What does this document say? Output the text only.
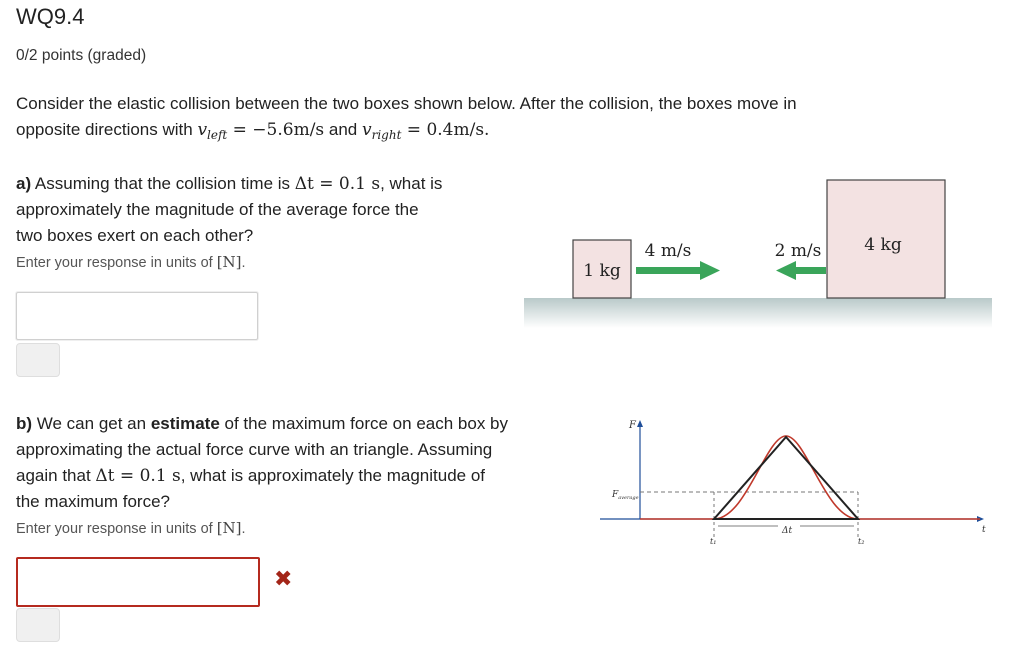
WQ9.4
0/2 points (graded)
Consider the elastic collision between the two boxes shown below. After the collision, the boxes move in
opposite directions with $v_{left} = -5.6m/s$ and $v_{right} = 0.4m/s$.
a) Assuming that the collision time is Δt = 0.1 s, what is
approximately the magnitude of the average force the
two boxes exert on each other?
Enter your response in units of [N].	1 kg
4 kg
4 m/s	2 m/s
b) We can get an estimate of the maximum force on each box by
approximating the actual force curve with an triangle. Assuming
again that Δt = 0.1 s, what is approximately the magnitude of
the maximum force?
Enter your response in units of [N].
✖
F
t
$F_{average}$
t₁	t₂
Δt
